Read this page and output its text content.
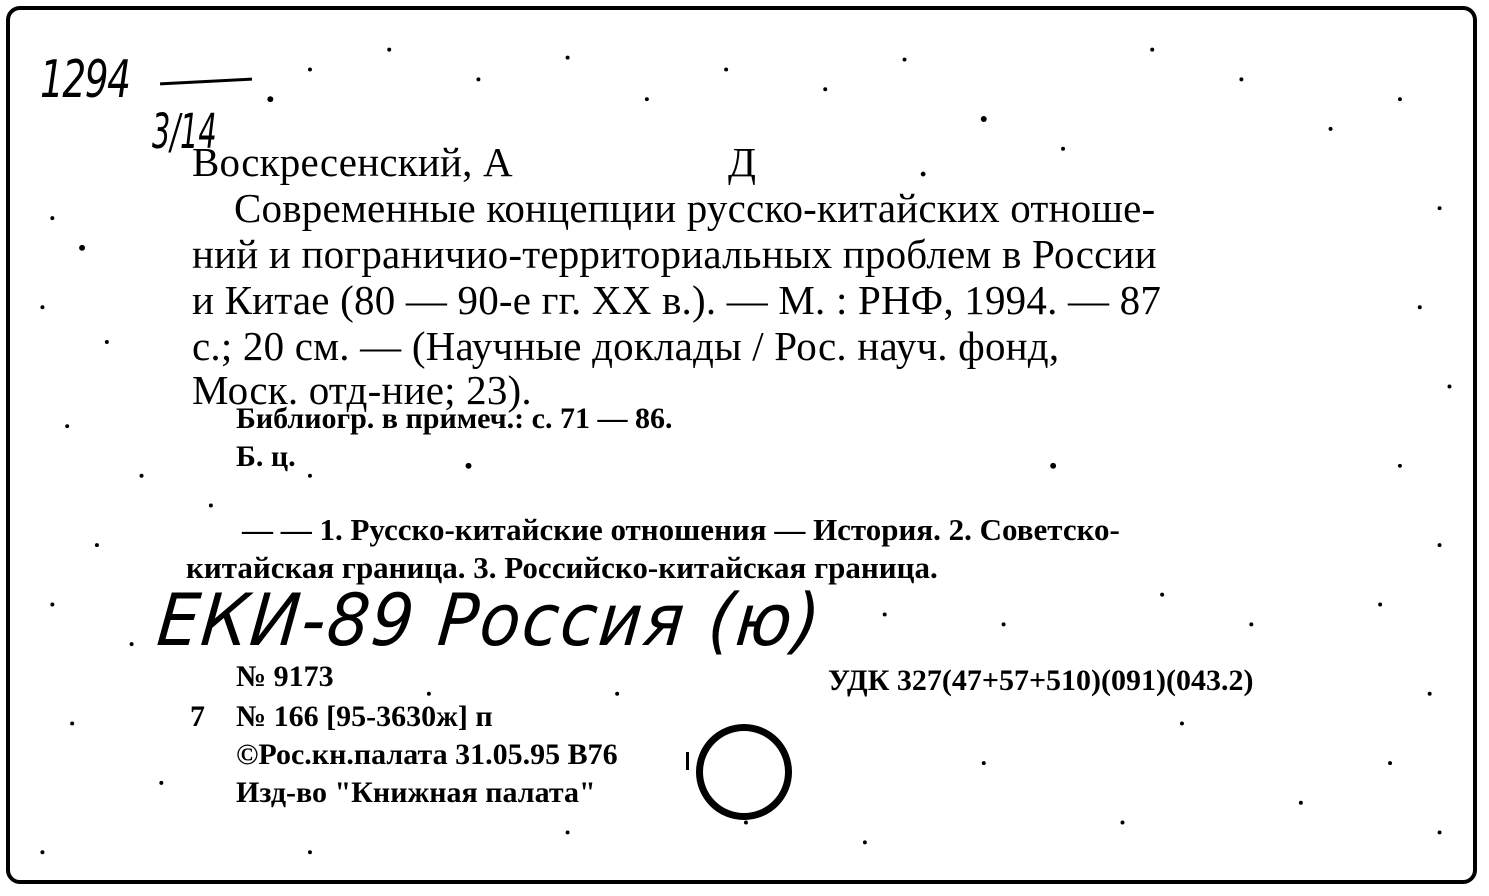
1294
3/14
Воскресенский, А	Д	.
Современные концепции русско-китайских отноше-
ний и пограничио-территориальных проблем в России
и Китае (80 — 90-е гг. XX в.). — М. : РНФ, 1994. — 87
с.; 20 см. — (Научные доклады / Рос. науч. фонд,
Моск. отд-ние; 23).
Библиогр. в примеч.: с. 71 — 86.
Б. ц.
— — 1. Русско-китайские отношения — История. 2. Советско-
китайская граница. 3. Российско-китайская граница.
ЕКИ-89 Россия (ю)
№ 9173	УДК 327(47+57+510)(091)(043.2)
7 № 166 [95-3630ж] п
©Рос.кн.палата 31.05.95 В76
Изд-во "Книжная палата"
